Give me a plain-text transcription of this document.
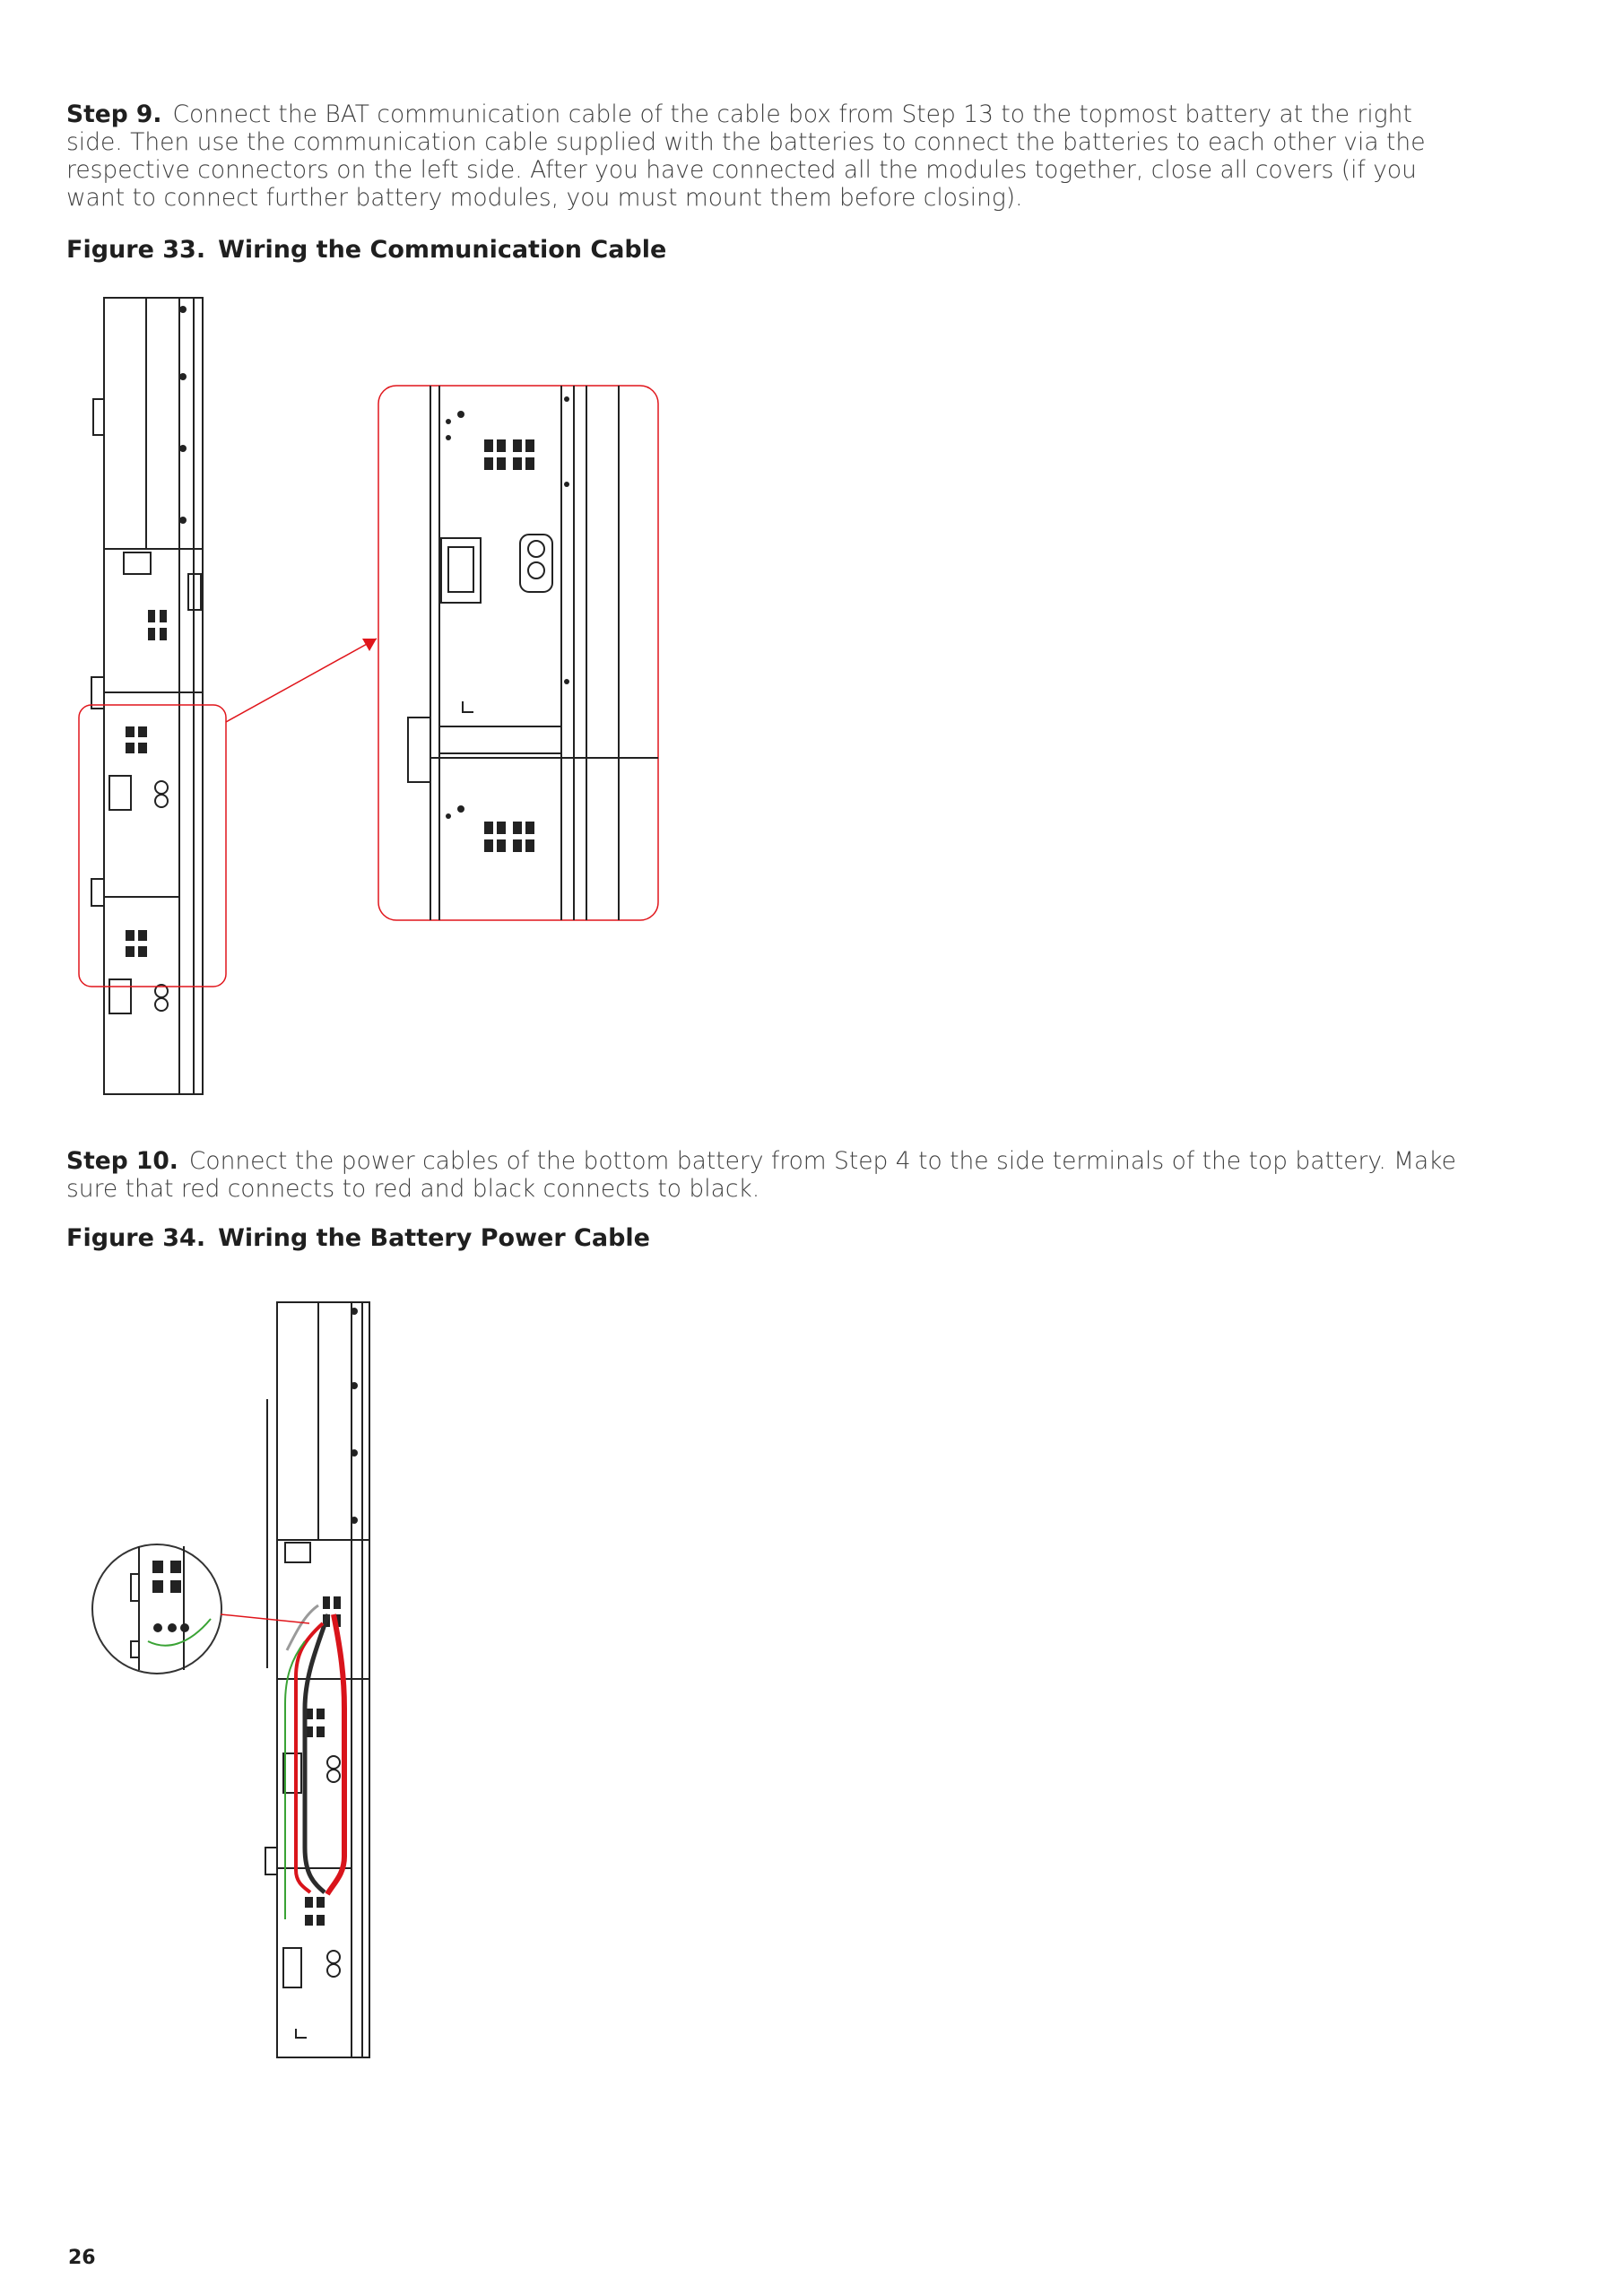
Step 9. Connect the BAT communication cable of the cable box from Step 13 to the topmost battery at the right side. Then use the communication cable supplied with the batteries to connect the batteries to each other via the respective connectors on the left side. After you have connected all the modules together, close all covers (if you want to connect further battery modules, you must mount them before closing).

Figure 33. Wiring the Communication Cable

Step 10. Connect the power cables of the bottom battery from Step 4 to the side terminals of the top battery. Make sure that red connects to red and black connects to black.

Figure 34. Wiring the Battery Power Cable

26
